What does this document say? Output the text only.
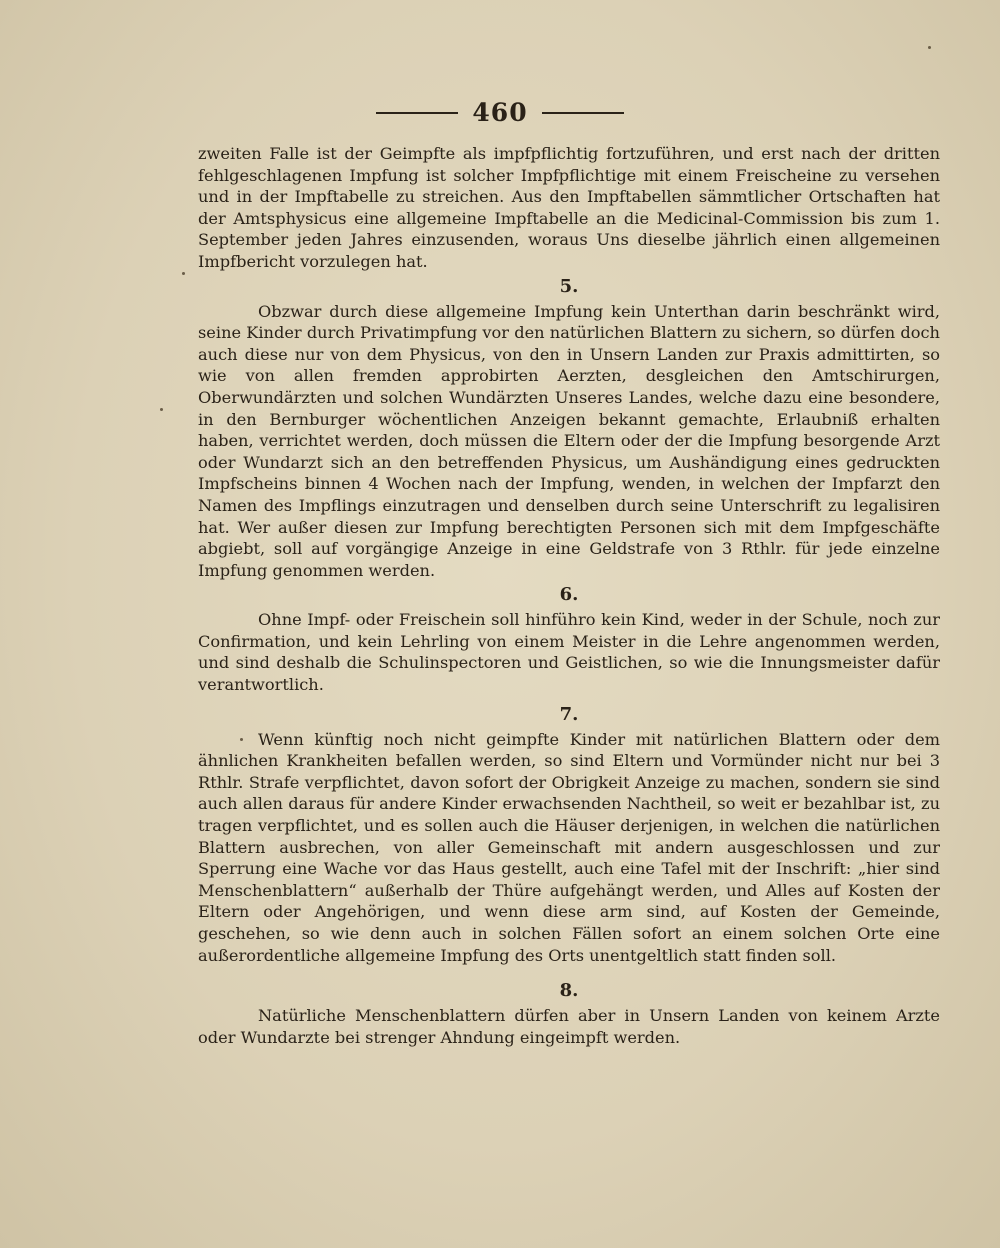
460

zweiten Falle ist der Geimpfte als impfpflichtig fortzuführen, und erst nach der dritten fehlgeschlagenen Impfung ist solcher Impfpflichtige mit einem Freischeine zu versehen und in der Impftabelle zu streichen. Aus den Impftabellen sämmtlicher Ortschaften hat der Amtsphysicus eine allgemeine Impftabelle an die Medicinal-Commission bis zum 1. September jeden Jahres einzusenden, woraus Uns dieselbe jährlich einen allgemeinen Impfbericht vorzulegen hat.

5.

Obzwar durch diese allgemeine Impfung kein Unterthan darin beschränkt wird, seine Kinder durch Privatimpfung vor den natürlichen Blattern zu sichern, so dürfen doch auch diese nur von dem Physicus, von den in Unsern Landen zur Praxis admittirten, so wie von allen fremden approbirten Aerzten, desgleichen den Amtschirurgen, Oberwundärzten und solchen Wundärzten Unseres Landes, welche dazu eine besondere, in den Bernburger wöchentlichen Anzeigen bekannt gemachte, Erlaubniß erhalten haben, verrichtet werden, doch müssen die Eltern oder der die Impfung besorgende Arzt oder Wundarzt sich an den betreffenden Physicus, um Aushändigung eines gedruckten Impfscheins binnen 4 Wochen nach der Impfung, wenden, in welchen der Impfarzt den Namen des Impflings einzutragen und denselben durch seine Unterschrift zu legalisiren hat. Wer außer diesen zur Impfung berechtigten Personen sich mit dem Impfgeschäfte abgiebt, soll auf vorgängige Anzeige in eine Geldstrafe von 3 Rthlr. für jede einzelne Impfung genommen werden.

6.

Ohne Impf- oder Freischein soll hinführo kein Kind, weder in der Schule, noch zur Confirmation, und kein Lehrling von einem Meister in die Lehre angenommen werden, und sind deshalb die Schulinspectoren und Geistlichen, so wie die Innungsmeister dafür verantwortlich.

7.

Wenn künftig noch nicht geimpfte Kinder mit natürlichen Blattern oder dem ähnlichen Krankheiten befallen werden, so sind Eltern und Vormünder nicht nur bei 3 Rthlr. Strafe verpflichtet, davon sofort der Obrigkeit Anzeige zu machen, sondern sie sind auch allen daraus für andere Kinder erwachsenden Nachtheil, so weit er bezahlbar ist, zu tragen verpflichtet, und es sollen auch die Häuser derjenigen, in welchen die natürlichen Blattern ausbrechen, von aller Gemeinschaft mit andern ausgeschlossen und zur Sperrung eine Wache vor das Haus gestellt, auch eine Tafel mit der Inschrift: „hier sind Menschenblattern“ außerhalb der Thüre aufgehängt werden, und Alles auf Kosten der Eltern oder Angehörigen, und wenn diese arm sind, auf Kosten der Gemeinde, geschehen, so wie denn auch in solchen Fällen sofort an einem solchen Orte eine außerordentliche allgemeine Impfung des Orts unentgeltlich statt finden soll.

8.

Natürliche Menschenblattern dürfen aber in Unsern Landen von keinem Arzte oder Wundarzte bei strenger Ahndung eingeimpft werden.
